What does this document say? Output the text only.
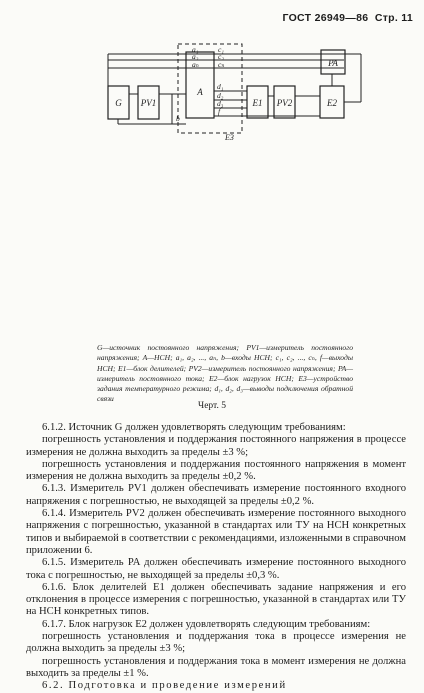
ГОСТ 26949—86 Стр. 11
a₁
a₂
aₙ
c₁
c₂
cₙ
d₁
d₂
d₃
f
b
E3
A
G PV1	E1 PV2	E2
PA
G—источник постоянного напряжения; PV1—измеритель постоянного напряжения; A—НСН; a₁, a₂, ..., aₙ, b—входы НСН; c₁, c₂, ..., cₙ, f—выходы НСН; E1—блок делителей; PV2—измеритель постоянного напряжения; PA—измеритель постоянного тока; E2—блок нагрузок НСН; E3—устройство задания температурного режима; d₁, d₂, d₃—выводы подключения обратной связи
Черт. 5

6.1.2. Источник G должен удовлетворять следующим требованиям:

погрешность установления и поддержания постоянного напряжения в процессе измерения не должна выходить за пределы ±3 %;

погрешность установления и поддержания постоянного напряжения в момент измерения не должна выходить за пределы ±0,2 %.

6.1.3. Измеритель PV1 должен обеспечивать измерение постоянного входного напряжения с погрешностью, не выходящей за пределы ±0,2 %.

6.1.4. Измеритель PV2 должен обеспечивать измерение постоянного выходного напряжения с погрешностью, указанной в стандартах или ТУ на НСН конкретных типов и выбираемой в соответствии с рекомендациями, изложенными в справочном приложении 6.

6.1.5. Измеритель PA должен обеспечивать измерение постоянного выходного тока с погрешностью, не выходящей за пределы ±0,3 %.

6.1.6. Блок делителей E1 должен обеспечивать задание напряжения и его отклонения в процессе измерения с погрешностью, указанной в стандартах или ТУ на НСН конкретных типов.

6.1.7. Блок нагрузок E2 должен удовлетворять следующим требованиям:

погрешность установления и поддержания тока в процессе измерения не должна выходить за пределы ±3 %;

погрешность установления и поддержания тока в момент измерения не должна выходить за пределы ±1 %.

6.2. Подготовка и проведение измерений
